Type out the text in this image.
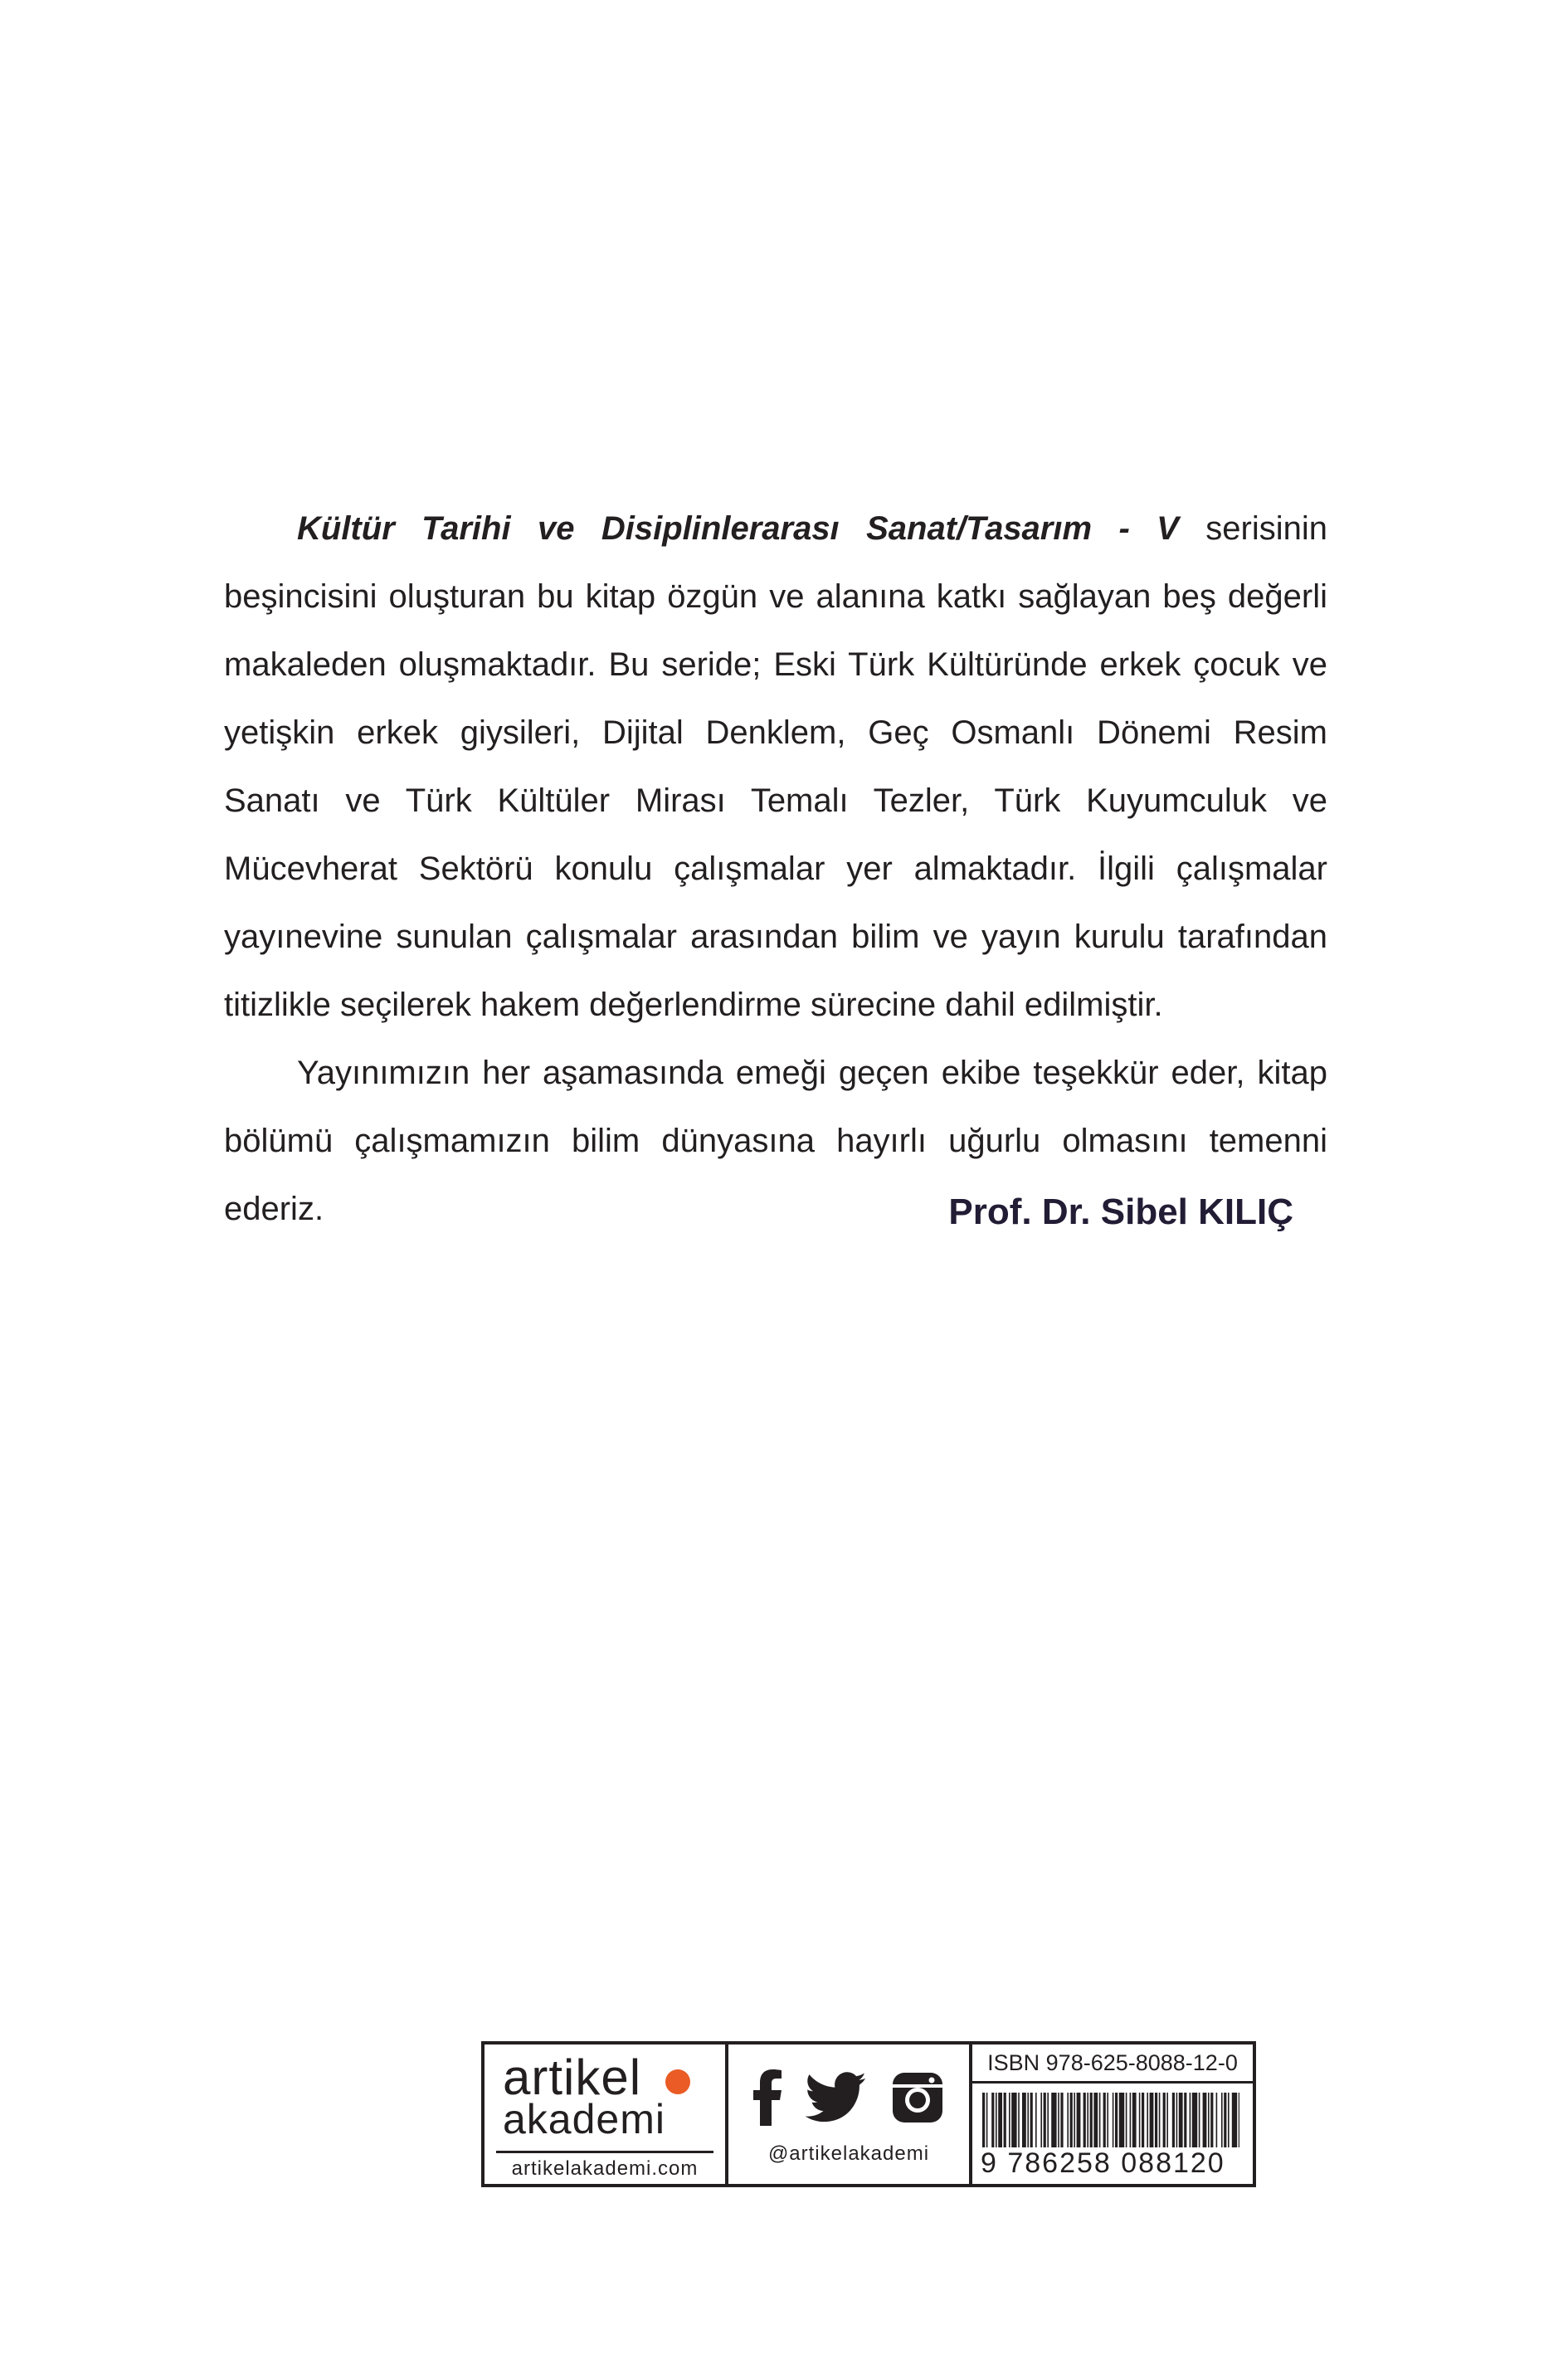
Kültür Tarihi ve Disiplinlerarası Sanat/Tasarım - V serisinin beşincisini oluşturan bu kitap özgün ve alanına katkı sağlayan beş değerli makaleden oluşmaktadır. Bu seride; Eski Türk Kültüründe erkek çocuk ve yetişkin erkek giysileri, Dijital Denklem, Geç Osmanlı Dönemi Resim Sanatı ve Türk Kültüler Mirası Temalı Tezler, Türk Kuyumculuk ve Mücevherat Sektörü konulu çalışmalar yer almaktadır. İlgili çalışmalar yayınevine sunulan çalışmalar arasından bilim ve yayın kurulu tarafından titizlikle seçilerek hakem değerlendirme sürecine dahil edilmiştir.

Yayınımızın her aşamasında emeği geçen ekibe teşekkür eder, kitap bölümü çalışmamızın bilim dünyasına hayırlı uğurlu olmasını temenni ederiz.	Prof. Dr. Sibel KILIÇ
artikel
akademi
artikelakademi.com
@artikelakademi
ISBN 978-625-8088-12-0
9 786258 088120
